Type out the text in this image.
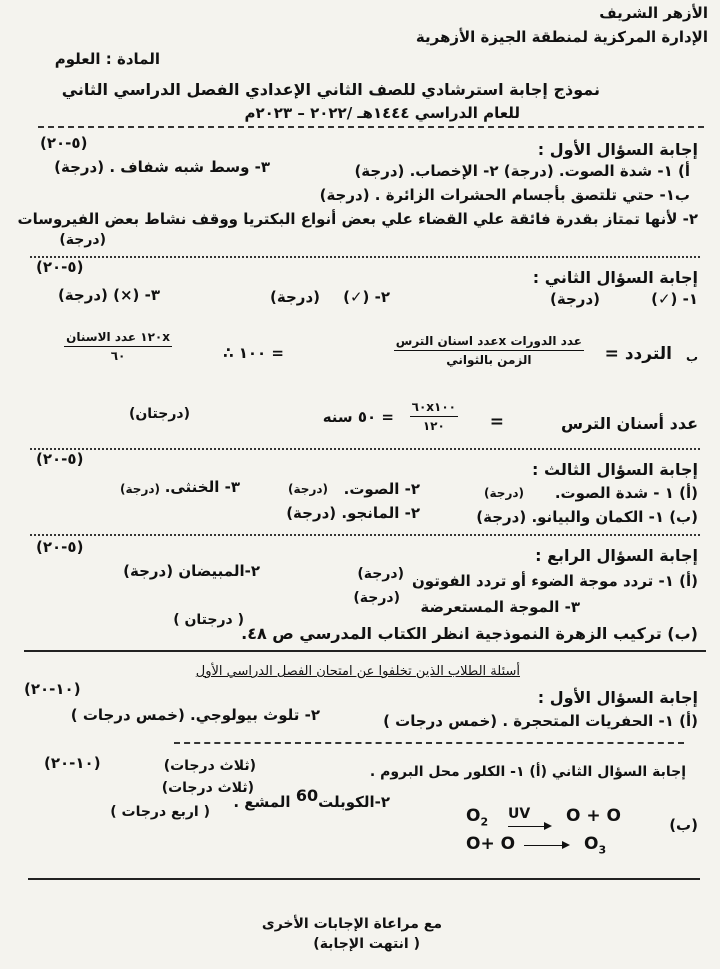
الأزهر الشريف
الإدارة المركزية لمنطقة الجيزة الأزهرية
المادة : العلوم
نموذج إجابة استرشادي للصف الثاني الإعدادي الفصل الدراسي الثاني
للعام الدراسي ١٤٤٤هـ /٢٠٢٢ – ٢٠٢٣م
إجابة السؤال الأول :
(٥-٢٠)
أ) ١- شدة الصوت. (درجة) ٢- الإخصاب. (درجة)
٣- وسط شبه شفاف . (درجة)
ب١- حتي تلتصق بأجسام الحشرات الزائرة . (درجة)
٢- لأنها تمتاز بقدرة فائقة علي القضاء علي بعض أنواع البكتريا ووقف نشاط بعض الفيروسات
(درجة)
إجابة السؤال الثاني :
(٥-٢٠)
١- (✓)
(درجة)
٢- (✓)
(درجة)
٣- (×) (درجة)
ب
التردد =
عدد الدورات xعدد اسنان الترس
الزمن بالثواني
= ١٠٠ ∴
١٢٠x عدد الاسنان
٦٠
عدد أسنان الترس
=
٦٠x١٠٠
١٢٠
= ٥٠ سنه
(درجتان)
إجابة السؤال الثالث :
(٥-٢٠)
(أ) ١ - شدة الصوت.
(درجة)
٢- الصوت.
(درجة)
٣- الخنثى.
(درجة)
(ب) ١- الكمان والبيانو. (درجة)
٢- المانجو. (درجة)
إجابة السؤال الرابع :
(٥-٢٠)
(أ) ١- تردد موجة الضوء أو تردد الفوتون
(درجة)
٢-المبيضان (درجة)
(درجة) ٣- الموجة المستعرضة
(ب) تركيب الزهرة النموذجية انظر الكتاب المدرسي ص ٤٨.
( درجتان )
أسئلة الطلاب الذين تخلفوا عن امتحان الفصل الدراسي الأول
إجابة السؤال الأول :
(١٠-٢٠)
(أ) ١- الحفريات المتحجرة . (خمس درجات )
٢- تلوث بيولوجي. (خمس درجات )
إجابة السؤال الثاني (أ) ١- الكلور محل البروم .
(١٠-٢٠)	(ثلاث درجات)
(ثلاث درجات)
( اربع درجات )
٢-الكوبلت$^{60}$ المشع .
(ب)
$O_2$ UV O + O
O+ O	$O_3$
مع مراعاة الإجابات الأخرى
( انتهت الإجابة)
